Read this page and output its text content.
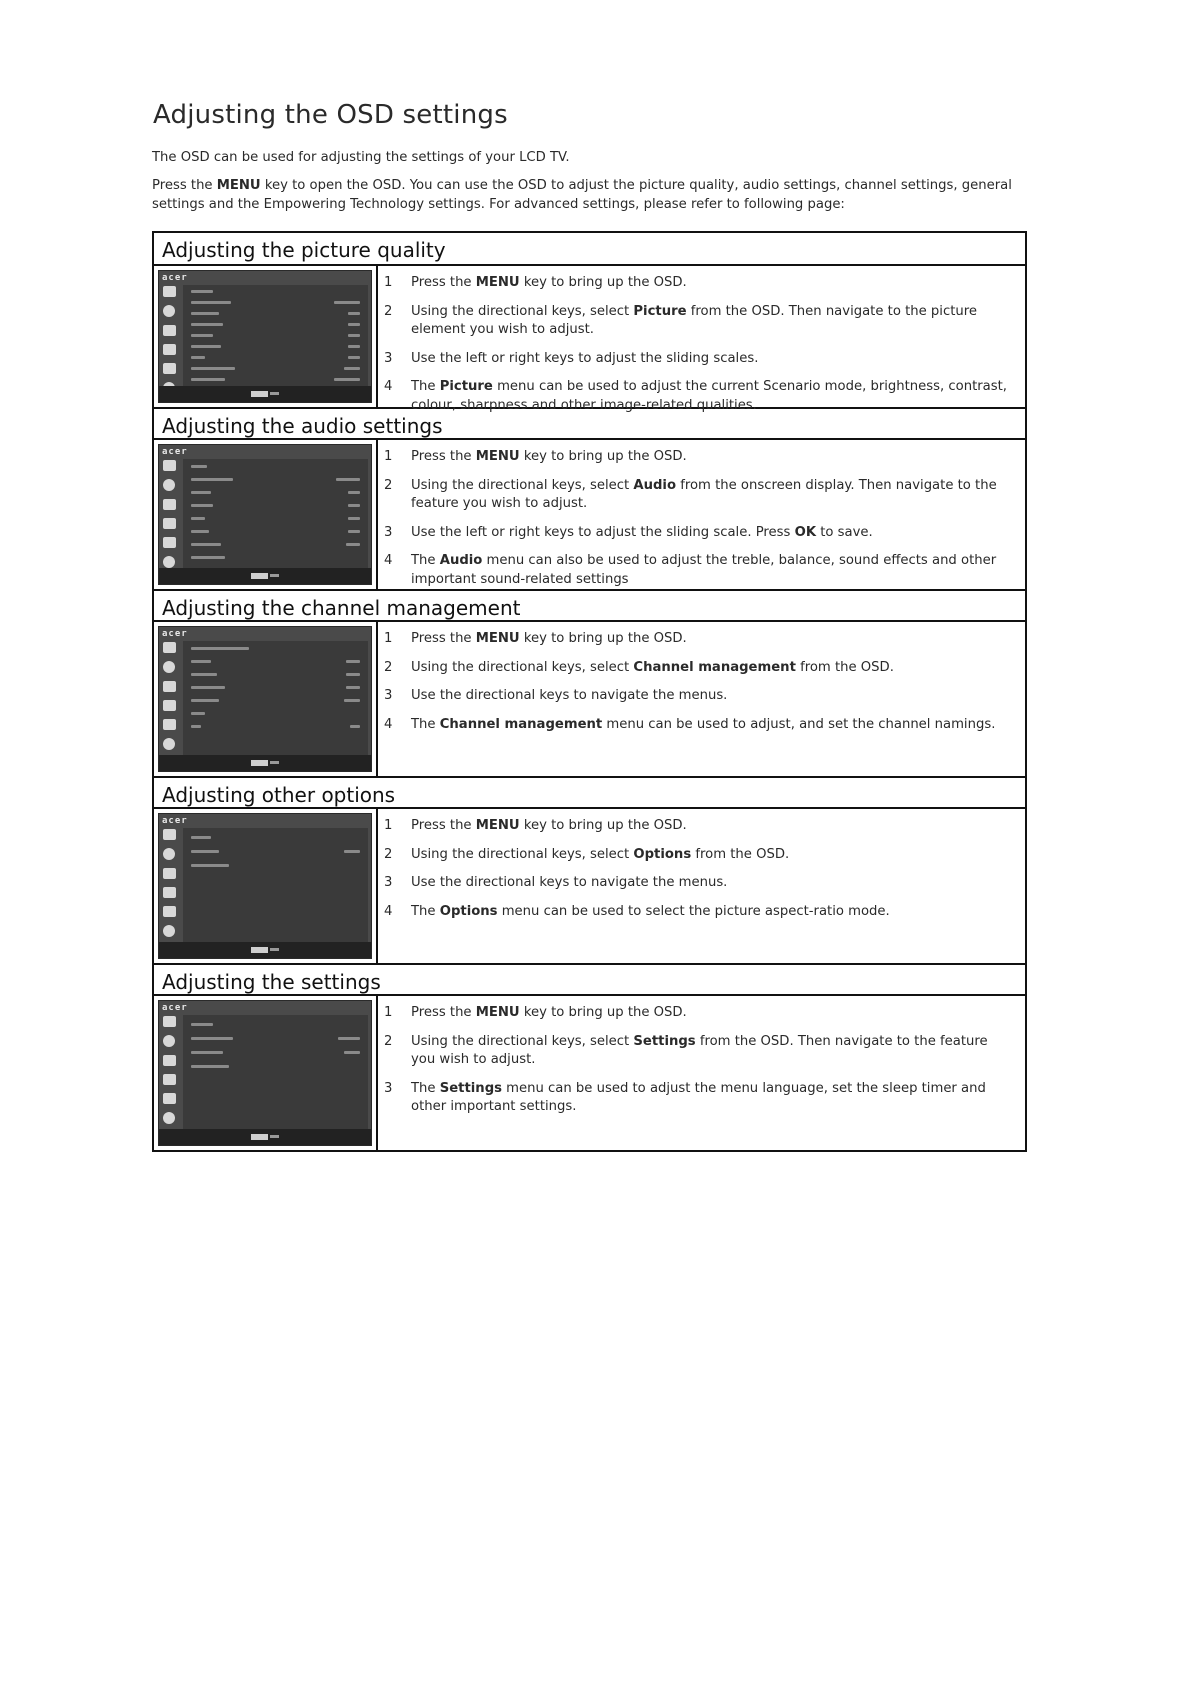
Adjusting the OSD settings

The OSD can be used for adjusting the settings of your LCD TV.

Press the MENU key to open the OSD. You can use the OSD to adjust the picture quality, audio settings, channel settings, general settings and the Empowering Technology settings. For advanced settings, please refer to following page:

Adjusting the picture quality
acer	1	Press the MENU key to bring up the OSD.
2	Using the directional keys, select Picture from the OSD. Then navigate to the picture element you wish to adjust.
3	Use the left or right keys to adjust the sliding scales.
4	The Picture menu can be used to adjust the current Scenario mode, brightness, contrast, colour, sharpness and other image-related qualities.
Adjusting the audio settings
acer	1	Press the MENU key to bring up the OSD.
2	Using the directional keys, select Audio from the onscreen display. Then navigate to the feature you wish to adjust.
3	Use the left or right keys to adjust the sliding scale. Press OK to save.
4	The Audio menu can also be used to adjust the treble, balance, sound effects and other important sound-related settings
Adjusting the channel management
acer	1	Press the MENU key to bring up the OSD.
2	Using the directional keys, select Channel management from the OSD.
3	Use the directional keys to navigate the menus.
4	The Channel management menu can be used to adjust, and set the channel namings.
Adjusting other options
acer	1	Press the MENU key to bring up the OSD.
2	Using the directional keys, select Options from the OSD.
3	Use the directional keys to navigate the menus.
4	The Options menu can be used to select the picture aspect-ratio mode.
Adjusting the settings
acer	1	Press the MENU key to bring up the OSD.
2	Using the directional keys, select Settings from the OSD. Then navigate to the feature you wish to adjust.
3	The Settings menu can be used to adjust the menu language, set the sleep timer and other important settings.
